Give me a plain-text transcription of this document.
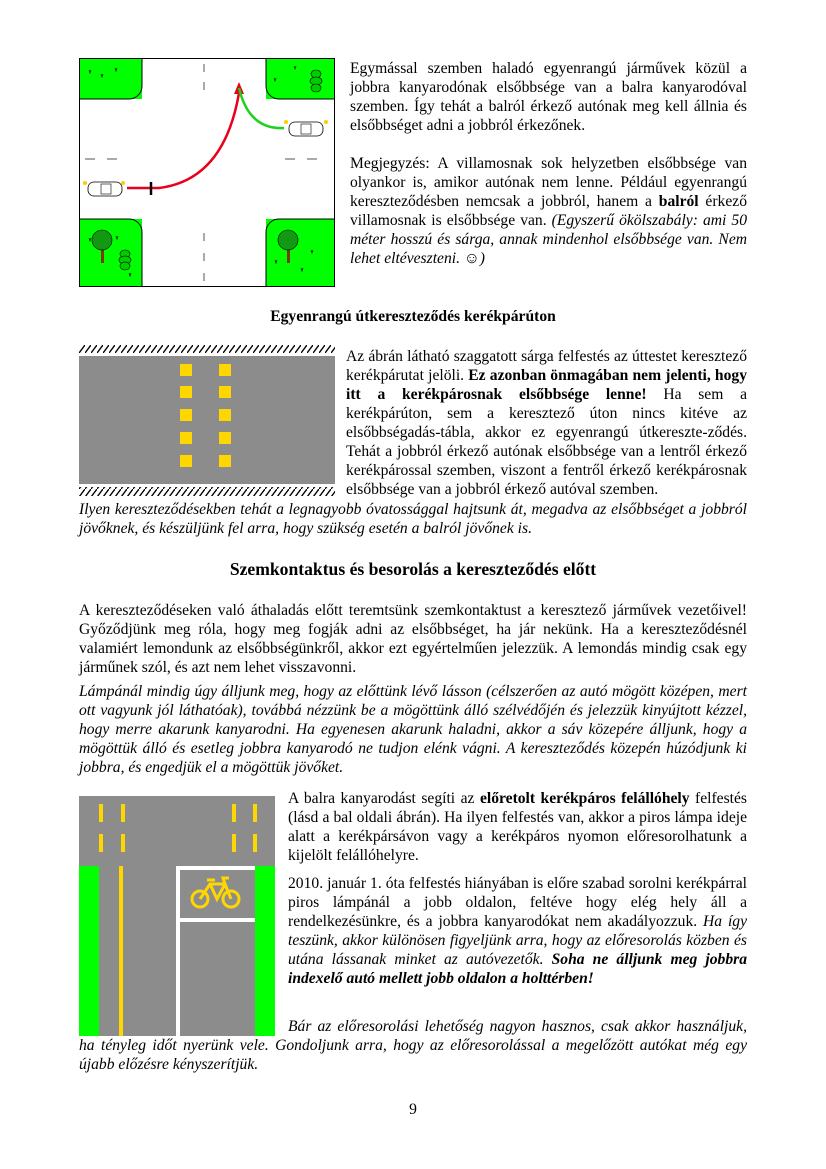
Egymással szemben haladó egyenrangú járművek közül a jobbra kanyarodónak elsőbbsége van a balra kanyarodóval szemben. Így tehát a balról érkező autónak meg kell állnia és elsőbbséget adni a jobbról érkezőnek.

Megjegyzés: A villamosnak sok helyzetben elsőbbsége van olyankor is, amikor autónak nem lenne. Például egyenrangú kereszteződésben nemcsak a jobbról, hanem a balról érkező villamosnak is elsőbbsége van. (Egyszerű ökölszabály: ami 50 méter hosszú és sárga, annak mindenhol elsőbbsége van. Nem lehet eltéveszteni. ☺)

Egyenrangú útkereszteződés kerékpárúton

Az ábrán látható szaggatott sárga felfestés az úttestet keresztező kerékpárutat jelöli. Ez azonban önmagában nem jelenti, hogy itt a kerékpárosnak elsőbbsége lenne! Ha sem a kerékpárúton, sem a keresztező úton nincs kitéve az elsőbbségadás-tábla, akkor ez egyenrangú útkereszte-ződés. Tehát a jobbról érkező autónak elsőbbsége van a lentről érkező kerékpárossal szemben, viszont a fentről érkező kerékpárosnak elsőbbsége van a jobbról érkező autóval szemben.

Ilyen kereszteződésekben tehát a legnagyobb óvatossággal hajtsunk át, megadva az elsőbbséget a jobbról jövőknek, és készüljünk fel arra, hogy szükség esetén a balról jövőnek is.

Szemkontaktus és besorolás a kereszteződés előtt

A kereszteződéseken való áthaladás előtt teremtsünk szemkontaktust a keresztező járművek vezetőivel! Győződjünk meg róla, hogy meg fogják adni az elsőbbséget, ha jár nekünk. Ha a kereszteződésnél valamiért lemondunk az elsőbbségünkről, akkor ezt egyértelműen jelezzük. A lemondás mindig csak egy járműnek szól, és azt nem lehet visszavonni.

Lámpánál mindig úgy álljunk meg, hogy az előttünk lévő lásson (célszerően az autó mögött középen, mert ott vagyunk jól láthatóak), továbbá nézzünk be a mögöttünk álló szélvédőjén és jelezzük kinyújtott kézzel, hogy merre akarunk kanyarodni. Ha egyenesen akarunk haladni, akkor a sáv közepére álljunk, hogy a mögöttük álló és esetleg jobbra kanyarodó ne tudjon elénk vágni. A kereszteződés közepén húzódjunk ki jobbra, és engedjük el a mögöttük jövőket.

A balra kanyarodást segíti az előretolt kerékpáros felállóhely felfestés (lásd a bal oldali ábrán). Ha ilyen felfestés van, akkor a piros lámpa ideje alatt a kerékpársávon vagy a kerékpáros nyomon előresorolhatunk a kijelölt felállóhelyre.

2010. január 1. óta felfestés hiányában is előre szabad sorolni kerékpárral piros lámpánál a jobb oldalon, feltéve hogy elég hely áll a rendelkezésünkre, és a jobbra kanyarodókat nem akadályozzuk. Ha így teszünk, akkor különösen figyeljünk arra, hogy az előresorolás közben és utána lássanak minket az autóvezetők. Soha ne álljunk meg jobbra indexelő autó mellett jobb oldalon a holttérben!

Bár az előresorolási lehetőség nagyon hasznos, csak akkor használjuk, ha tényleg időt nyerünk vele. Gondoljunk arra, hogy az előresorolással a megelőzött autókat még egy újabb előzésre kényszerítjük.

9
